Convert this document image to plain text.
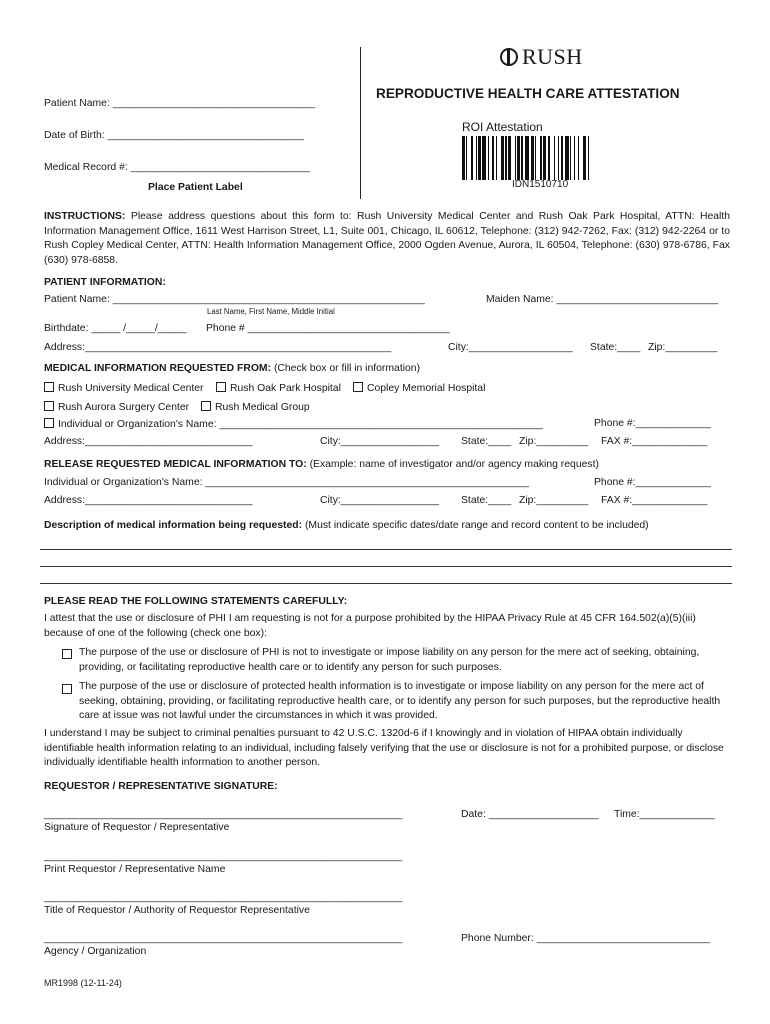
Patient Name: ___________________________________
Date of Birth: __________________________________
Medical Record #: _______________________________
Place Patient Label
RUSH
REPRODUCTIVE HEALTH CARE ATTESTATION
ROI Attestation
IDN1510710
INSTRUCTIONS: Please address questions about this form to: Rush University Medical Center and Rush Oak Park Hospital, ATTN: Health Information Management Office, 1611 West Harrison Street, L1, Suite 001, Chicago, IL 60612, Telephone: (312) 942-7262, Fax: (312) 942-2264 or to Rush Copley Medical Center, ATTN: Health Information Management Office, 2000 Ogden Avenue, Aurora, IL 60504, Telephone: (630) 978-6786, Fax (630) 978-6858.
PATIENT INFORMATION:
Patient Name: ______________________________________________________	Maiden Name: ____________________________
Last Name, First Name, Middle Initial
Birthdate: _____ /_____/_____ Phone # ___________________________________
Address:_____________________________________________________	City:__________________ State:____ Zip:_________
MEDICAL INFORMATION REQUESTED FROM: (Check box or fill in information)
Rush University Medical Center	Rush Oak Park Hospital	Copley Memorial Hospital
Rush Aurora Surgery Center	Rush Medical Group
Individual or Organization's Name: ________________________________________________________	Phone #:_____________
Address:_____________________________	City:_________________ State:____ Zip:_________ FAX #:_____________
RELEASE REQUESTED MEDICAL INFORMATION TO: (Example: name of investigator and/or agency making request)
Individual or Organization's Name: ________________________________________________________	Phone #:_____________
Address:_____________________________	City:_________________ State:____ Zip:_________ FAX #:_____________
Description of medical information being requested: (Must indicate specific dates/date range and record content to be included)
PLEASE READ THE FOLLOWING STATEMENTS CAREFULLY:
I attest that the use or disclosure of PHI I am requesting is not for a purpose prohibited by the HIPAA Privacy Rule at 45 CFR 164.502(a)(5)(iii) because of one of the following (check one box):
The purpose of the use or disclosure of PHI is not to investigate or impose liability on any person for the mere act of seeking, obtaining, providing, or facilitating reproductive health care or to identify any person for such purposes.
The purpose of the use or disclosure of protected health information is to investigate or impose liability on any person for the mere act of seeking, obtaining, providing, or facilitating reproductive health care, or to identify any person for such purposes, but the reproductive health care at issue was not lawful under the circumstances in which it was provided.
I understand I may be subject to criminal penalties pursuant to 42 U.S.C. 1320d-6 if I knowingly and in violation of HIPAA obtain individually identifiable health information relating to an individual, including falsely verifying that the use or disclosure is not for a prohibited purpose, or disclose individually identifiable health information to another person.
REQUESTOR / REPRESENTATIVE SIGNATURE:
______________________________________________________________
Signature of Requestor / Representative
Date: ___________________ Time:_____________
______________________________________________________________
Print Requestor / Representative Name
______________________________________________________________
Title of Requestor / Authority of Requestor Representative
______________________________________________________________
Agency / Organization
Phone Number: ______________________________
MR1998 (12-11-24)
